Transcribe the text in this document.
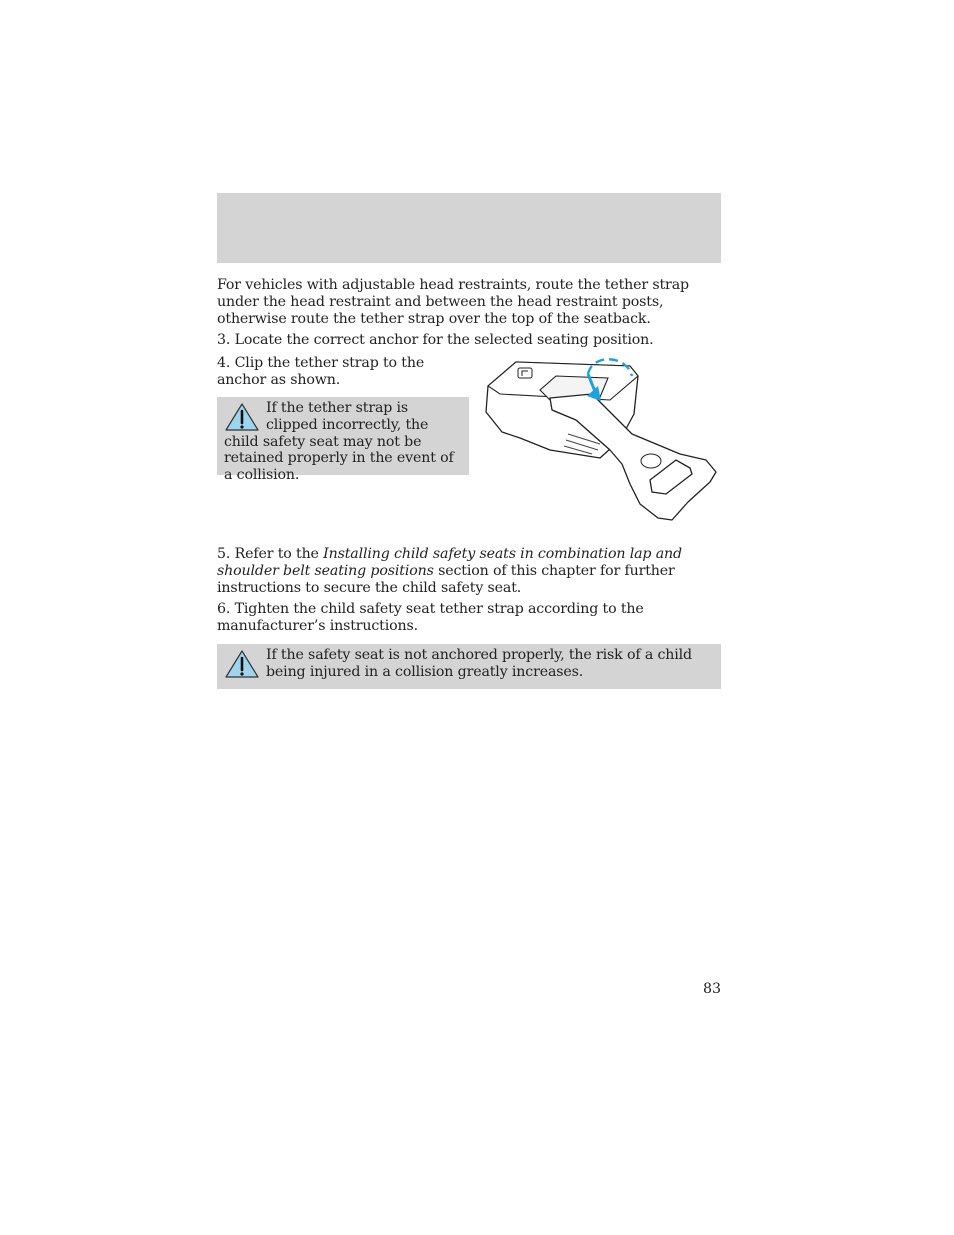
For vehicles with adjustable head restraints, route the tether strap under the head restraint and between the head restraint posts, otherwise route the tether strap over the top of the seatback.

3. Locate the correct anchor for the selected seating position.

4. Clip the tether strap to the anchor as shown.

If the tether strap is clipped incorrectly, the child safety seat may not be retained properly in the event of a collision.

5. Refer to the Installing child safety seats in combination lap and shoulder belt seating positions section of this chapter for further instructions to secure the child safety seat.

6. Tighten the child safety seat tether strap according to the manufacturer’s instructions.

If the safety seat is not anchored properly, the risk of a child being injured in a collision greatly increases.
83
